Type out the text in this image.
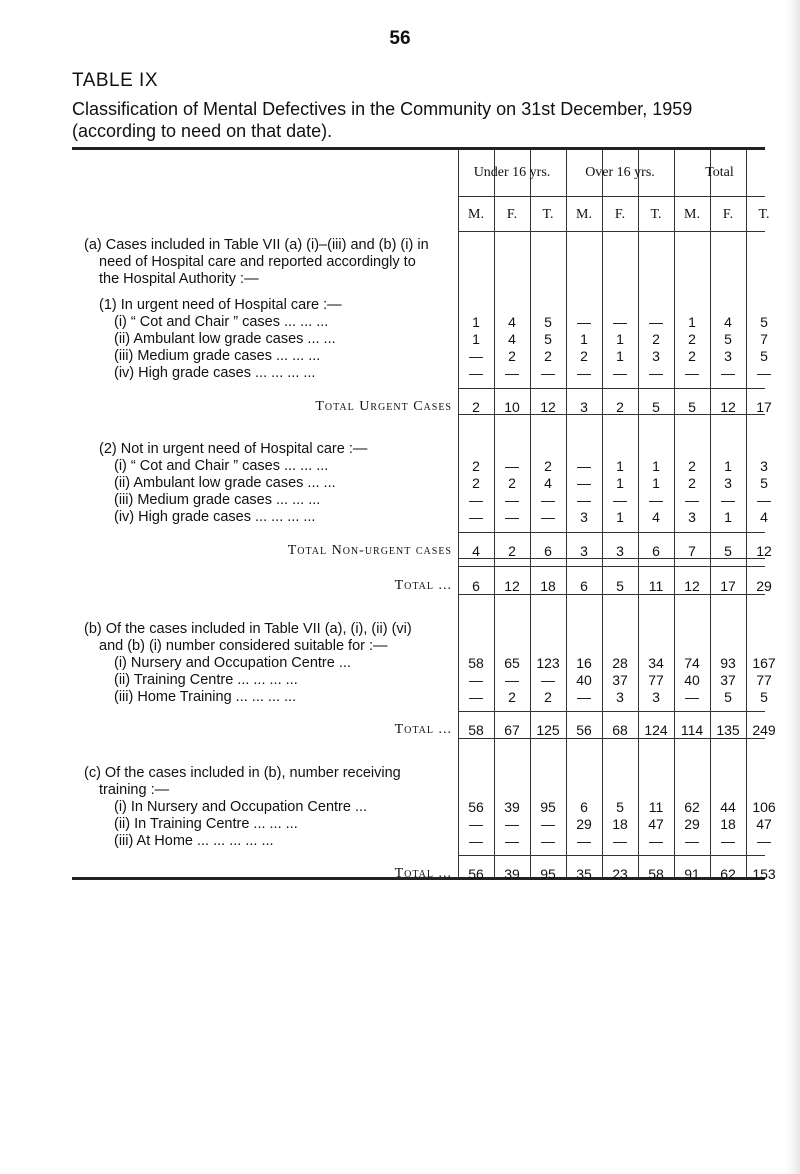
56
TABLE IX
Classification of Mental Defectives in the Community on 31st December, 1959 (according to need on that date).
Under 16 yrs.	Over 16 yrs.	Total
M.	F.	T.	M.	F.	T.	M.	F.	T.
(a) Cases included in Table VII (a) (i)–(iii) and (b) (i) in
need of Hospital care and reported accordingly to
the Hospital Authority :—
(1) In urgent need of Hospital care :—
(i) “ Cot and Chair ” cases ... ... ...	1	4	5	—	—	—	1	4	5
(ii) Ambulant low grade cases ... ...	1	4	5	1	1	2	2	5	7
(iii) Medium grade cases ... ... ...	—	2	2	2	1	3	2	3	5
(iv) High grade cases ... ... ... ...	—	—	—	—	—	—	—	—	—
Total Urgent Cases	2	10	12	3	2	5	5	12	17
(2) Not in urgent need of Hospital care :—
(i) “ Cot and Chair ” cases ... ... ...	2	—	2	—	1	1	2	1	3
(ii) Ambulant low grade cases ... ...	2	2	4	—	1	1	2	3	5
(iii) Medium grade cases ... ... ...	—	—	—	—	—	—	—	—	—
(iv) High grade cases ... ... ... ...	—	—	—	3	1	4	3	1	4
Total Non-urgent cases	4	2	6	3	3	6	7	5	12
Total ...	6	12	18	6	5	11	12	17	29
(b) Of the cases included in Table VII (a), (i), (ii) (vi)
and (b) (i) number considered suitable for :—
(i) Nursery and Occupation Centre ...	58	65	123	16	28	34	74	93	167
(ii) Training Centre ... ... ... ...	—	—	—	40	37	77	40	37	77
(iii) Home Training ... ... ... ...	—	2	2	—	3	3	—	5	5
Total ...	58	67	125	56	68	124 114 135 249
(c) Of the cases included in (b), number receiving
training :—
(i) In Nursery and Occupation Centre ...	56	39	95	6	5	11	62	44	106
(ii) In Training Centre ... ... ...	—	—	—	29	18	47	29	18	47
(iii) At Home ... ... ... ... ...	—	—	—	—	—	—	—	—	—
Total ...	56	39	95	35	23	58	91	62	153
